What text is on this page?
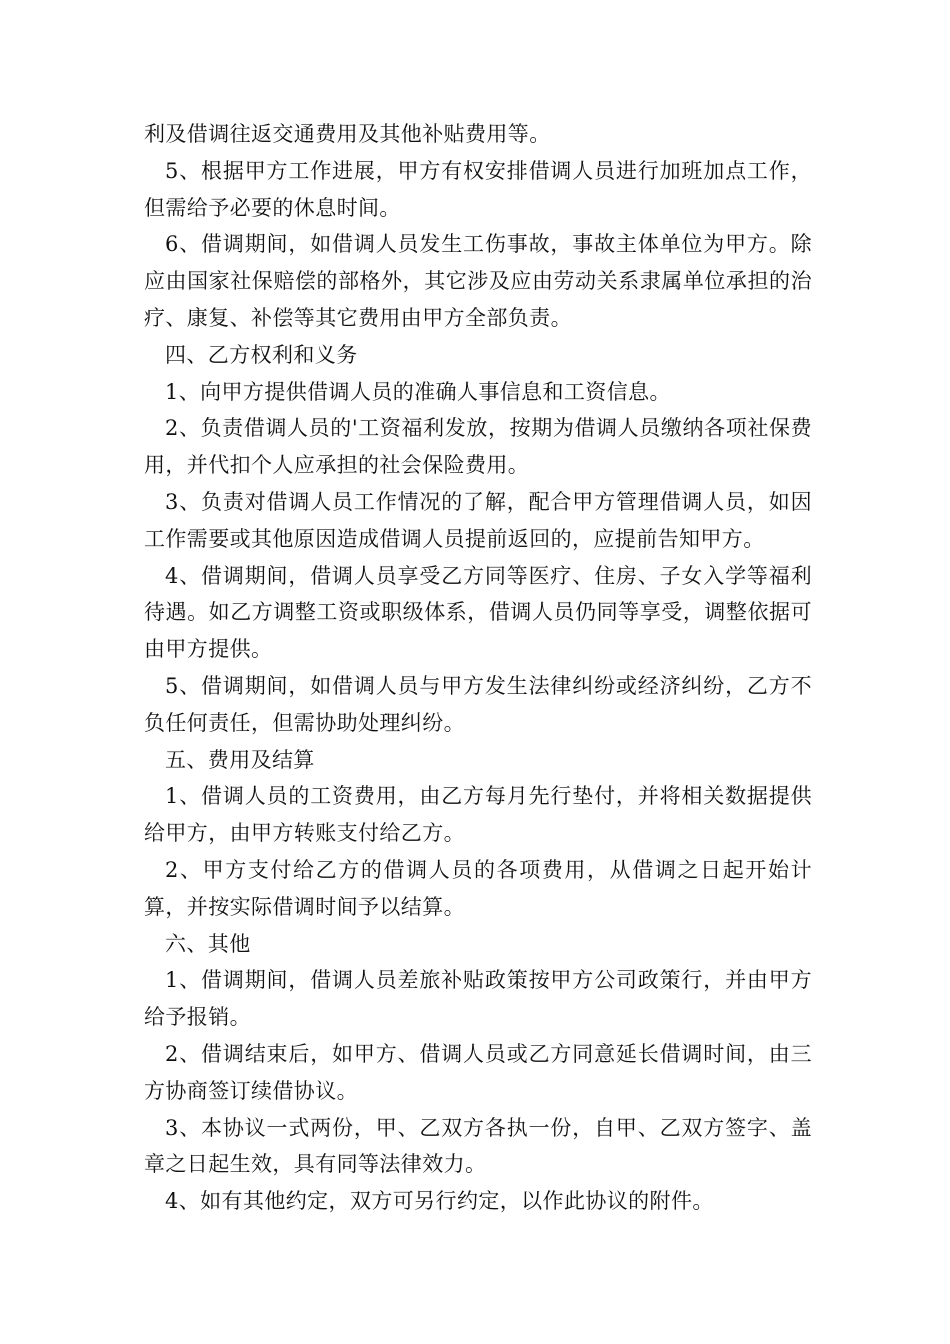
利及借调往返交通费用及其他补贴费用等。

5、根据甲方工作进展，甲方有权安排借调人员进行加班加点工作，但需给予必要的休息时间。

6、借调期间，如借调人员发生工伤事故，事故主体单位为甲方。除应由国家社保赔偿的部格外，其它涉及应由劳动关系隶属单位承担的治疗、康复、补偿等其它费用由甲方全部负责。

四、乙方权利和义务

1、向甲方提供借调人员的准确人事信息和工资信息。

2、负责借调人员的'工资福利发放，按期为借调人员缴纳各项社保费用，并代扣个人应承担的社会保险费用。

3、负责对借调人员工作情况的了解，配合甲方管理借调人员，如因工作需要或其他原因造成借调人员提前返回的，应提前告知甲方。

4、借调期间，借调人员享受乙方同等医疗、住房、子女入学等福利待遇。如乙方调整工资或职级体系，借调人员仍同等享受，调整依据可由甲方提供。

5、借调期间，如借调人员与甲方发生法律纠纷或经济纠纷，乙方不负任何责任，但需协助处理纠纷。

五、费用及结算

1、借调人员的工资费用，由乙方每月先行垫付，并将相关数据提供给甲方，由甲方转账支付给乙方。

2、甲方支付给乙方的借调人员的各项费用，从借调之日起开始计算，并按实际借调时间予以结算。

六、其他

1、借调期间，借调人员差旅补贴政策按甲方公司政策行，并由甲方给予报销。

2、借调结束后，如甲方、借调人员或乙方同意延长借调时间，由三方协商签订续借协议。

3、本协议一式两份，甲、乙双方各执一份，自甲、乙双方签字、盖章之日起生效，具有同等法律效力。

4、如有其他约定，双方可另行约定，以作此协议的附件。
